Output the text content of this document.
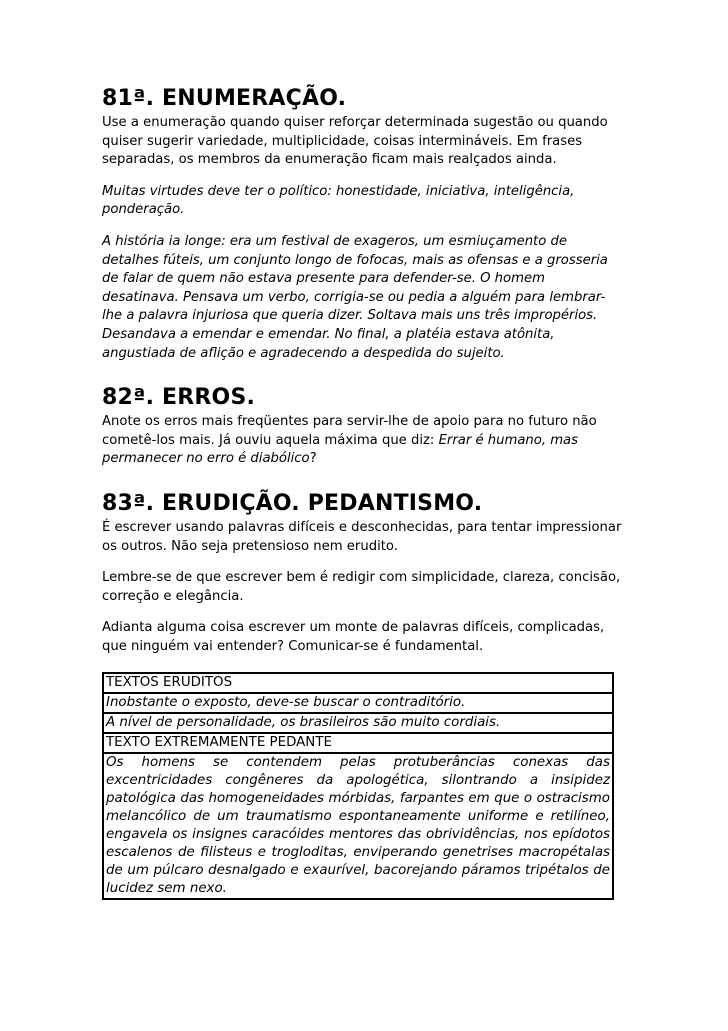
81ª. ENUMERAÇÃO.

Use a enumeração quando quiser reforçar determinada sugestão ou quando quiser sugerir variedade, multiplicidade, coisas intermináveis. Em frases separadas, os membros da enumeração ficam mais realçados ainda.

Muitas virtudes deve ter o político: honestidade, iniciativa, inteligência, ponderação.

A história ia longe: era um festival de exageros, um esmiuçamento de detalhes fúteis, um conjunto longo de fofocas, mais as ofensas e a grosseria de falar de quem não estava presente para defender-se. O homem desatinava. Pensava um verbo, corrigia-se ou pedia a alguém para lembrar-lhe a palavra injuriosa que queria dizer. Soltava mais uns três impropérios. Desandava a emendar e emendar. No final, a platéia estava atônita, angustiada de aflição e agradecendo a despedida do sujeito.

82ª. ERROS.

Anote os erros mais freqüentes para servir-lhe de apoio para no futuro não cometê-los mais. Já ouviu aquela máxima que diz: Errar é humano, mas permanecer no erro é diabólico?

83ª. ERUDIÇÃO. PEDANTISMO.

É escrever usando palavras difíceis e desconhecidas, para tentar impressionar os outros. Não seja pretensioso nem erudito.

Lembre-se de que escrever bem é redigir com simplicidade, clareza, concisão, correção e elegância.

Adianta alguma coisa escrever um monte de palavras difíceis, complicadas, que ninguém vai entender? Comunicar-se é fundamental.

TEXTOS ERUDITOS
Inobstante o exposto, deve-se buscar o contraditório.
A nível de personalidade, os brasileiros são muito cordiais.
TEXTO EXTREMAMENTE PEDANTE
Os homens se contendem pelas protuberâncias conexas das excentricidades congêneres da apologética, silontrando a insipidez patológica das homogeneidades mórbidas, farpantes em que o ostracismo melancólico de um traumatismo espontaneamente uniforme e retilíneo, engavela os insignes caracóides mentores das obrividências, nos epídotos escalenos de filisteus e trogloditas, enviperando genetrises macropétalas de um púlcaro desnalgado e exaurível, bacorejando páramos tripétalos de lucidez sem nexo.
